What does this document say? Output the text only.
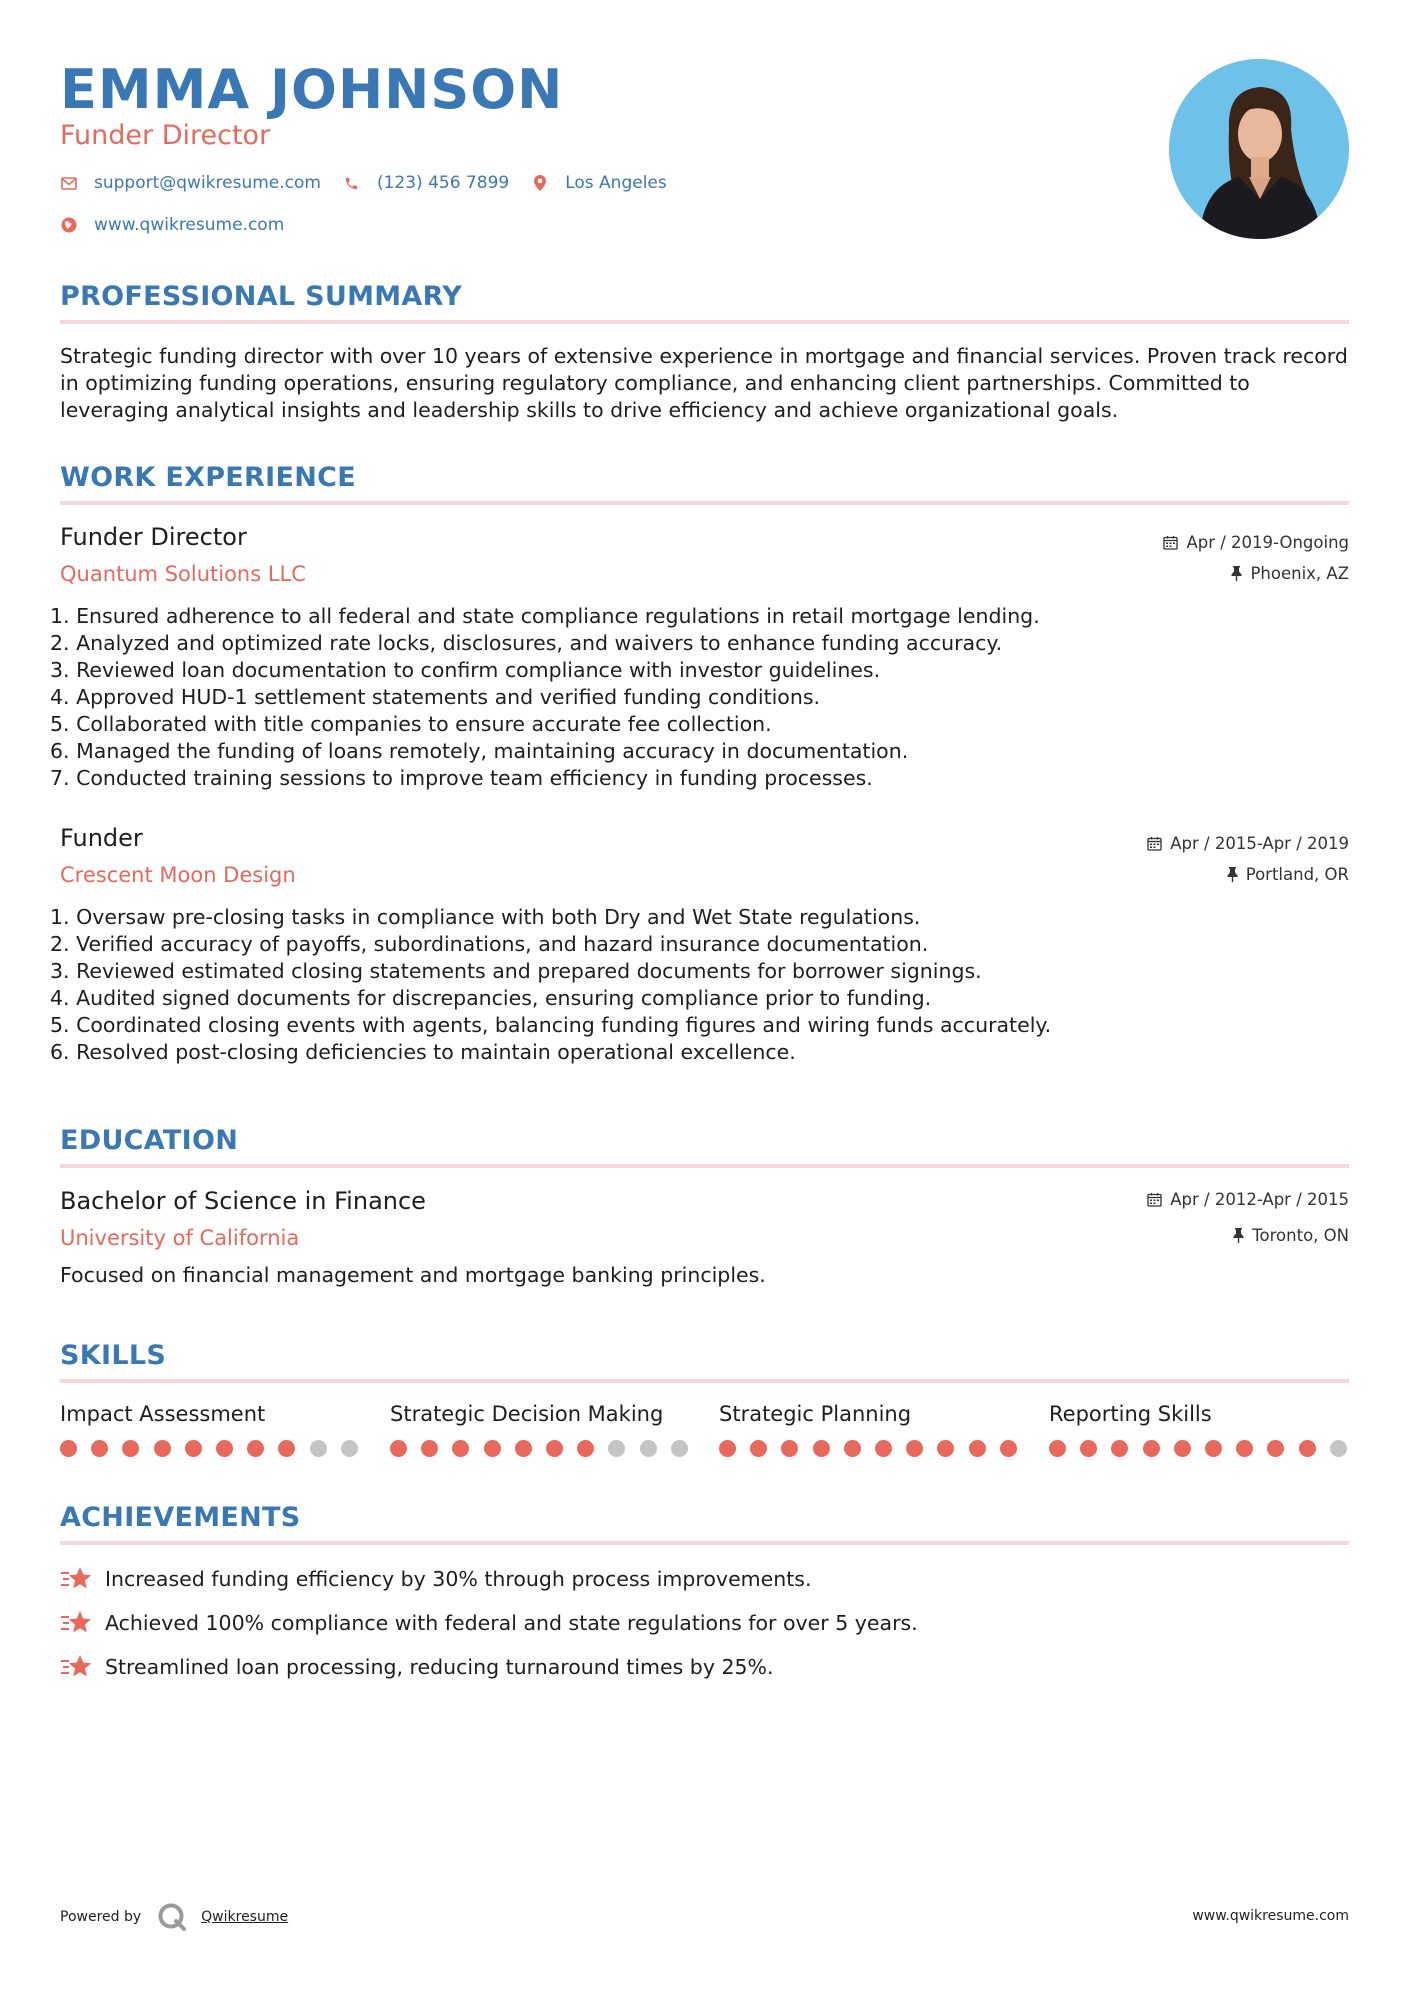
EMMA JOHNSON
Funder Director
support@qwikresume.com	(123) 456 7899	Los Angeles
www.qwikresume.com
PROFESSIONAL SUMMARY
Strategic funding director with over 10 years of extensive experience in mortgage and financial services. Proven track record in optimizing funding operations, ensuring regulatory compliance, and enhancing client partnerships. Committed to leveraging analytical insights and leadership skills to drive efficiency and achieve organizational goals.
WORK EXPERIENCE
Funder Director
Quantum Solutions LLC
Apr / 2019-Ongoing
Phoenix, AZ
1. Ensured adherence to all federal and state compliance regulations in retail mortgage lending.
2. Analyzed and optimized rate locks, disclosures, and waivers to enhance funding accuracy.
3. Reviewed loan documentation to confirm compliance with investor guidelines.
4. Approved HUD-1 settlement statements and verified funding conditions.
5. Collaborated with title companies to ensure accurate fee collection.
6. Managed the funding of loans remotely, maintaining accuracy in documentation.
7. Conducted training sessions to improve team efficiency in funding processes.
Funder
Crescent Moon Design
Apr / 2015-Apr / 2019
Portland, OR
1. Oversaw pre-closing tasks in compliance with both Dry and Wet State regulations.
2. Verified accuracy of payoffs, subordinations, and hazard insurance documentation.
3. Reviewed estimated closing statements and prepared documents for borrower signings.
4. Audited signed documents for discrepancies, ensuring compliance prior to funding.
5. Coordinated closing events with agents, balancing funding figures and wiring funds accurately.
6. Resolved post-closing deficiencies to maintain operational excellence.
EDUCATION
Bachelor of Science in Finance
University of California
Apr / 2012-Apr / 2015
Toronto, ON
Focused on financial management and mortgage banking principles.
SKILLS
Impact Assessment	Strategic Decision Making	Strategic Planning	Reporting Skills
ACHIEVEMENTS
Increased funding efficiency by 30% through process improvements.
Achieved 100% compliance with federal and state regulations for over 5 years.
Streamlined loan processing, reducing turnaround times by 25%.
Powered by	Qwikresume	www.qwikresume.com
